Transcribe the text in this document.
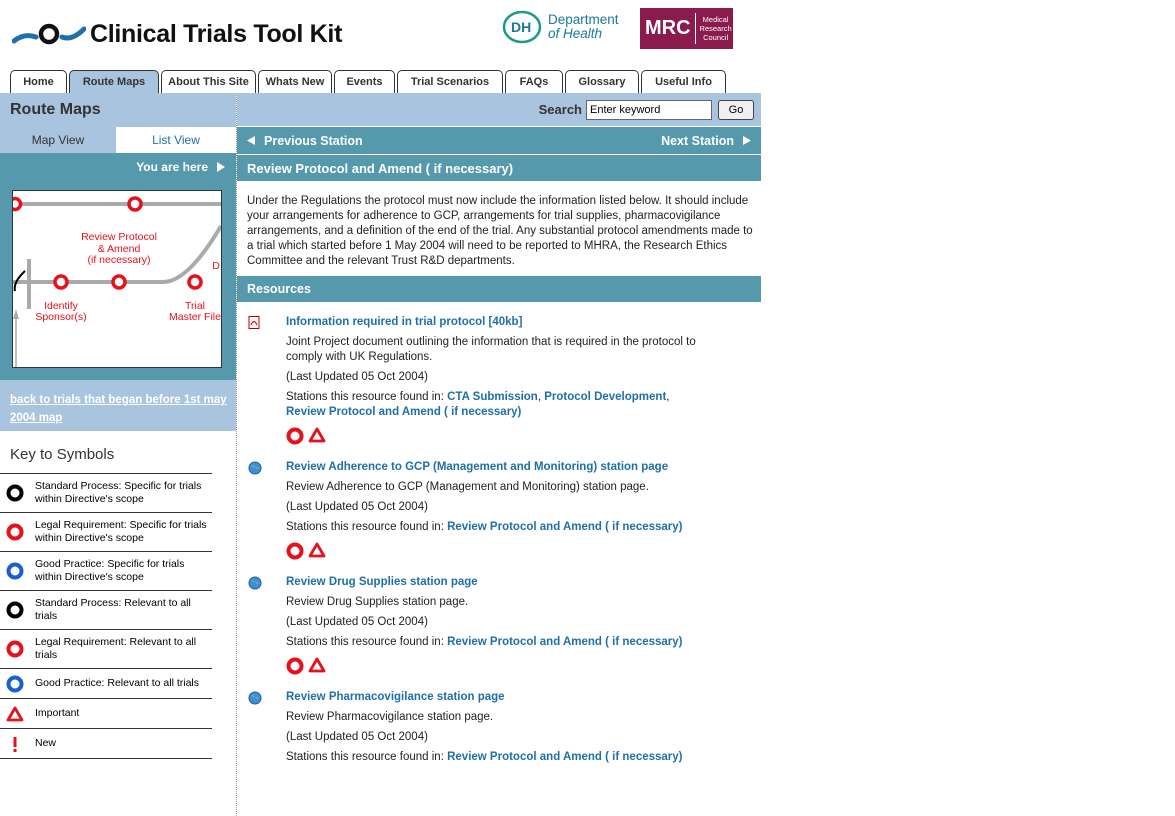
Clinical Trials Tool Kit	DH Department
of Health	MRC	Medical
Research
Council
Home	Route Maps	About This Site	Whats New	Events	Trial Scenarios	FAQs	Glossary	Useful Info
Route Maps
Map View	List View
You are here
Review Protocol
& Amend
(if necessary)
Identify
Sponsor(s)
Trial
Master File
D
back to trials that began before 1st may 2004 map
Key to Symbols
Standard Process: Specific for trials within Directive's scope
Legal Requirement: Specific for trials within Directive's scope
Good Practice: Specific for trials within Directive's scope
Standard Process: Relevant to all trials
Legal Requirement: Relevant to all trials
Good Practice: Relevant to all trials
Important
New
Search
Enter keyword	Go
Previous Station	Next Station
Review Protocol and Amend ( if necessary)
Under the Regulations the protocol must now include the information listed below. It should include your arrangements for adherence to GCP, arrangements for trial supplies, pharmacovigilance arrangements, and a definition of the end of the trial. Any substantial protocol amendments made to a trial which started before 1 May 2004 will need to be reported to MHRA, the Research Ethics Committee and the relevant Trust R&D departments.
Resources
Information required in trial protocol [40kb]
Joint Project document outlining the information that is required in the protocol to comply with UK Regulations.
(Last Updated 05 Oct 2004)
Stations this resource found in: CTA Submission, Protocol Development, Review Protocol and Amend ( if necessary)
Review Adherence to GCP (Management and Monitoring) station page
Review Adherence to GCP (Management and Monitoring) station page.
(Last Updated 05 Oct 2004)
Stations this resource found in: Review Protocol and Amend ( if necessary)
Review Drug Supplies station page
Review Drug Supplies station page.
(Last Updated 05 Oct 2004)
Stations this resource found in: Review Protocol and Amend ( if necessary)
Review Pharmacovigilance station page
Review Pharmacovigilance station page.
(Last Updated 05 Oct 2004)
Stations this resource found in: Review Protocol and Amend ( if necessary)
